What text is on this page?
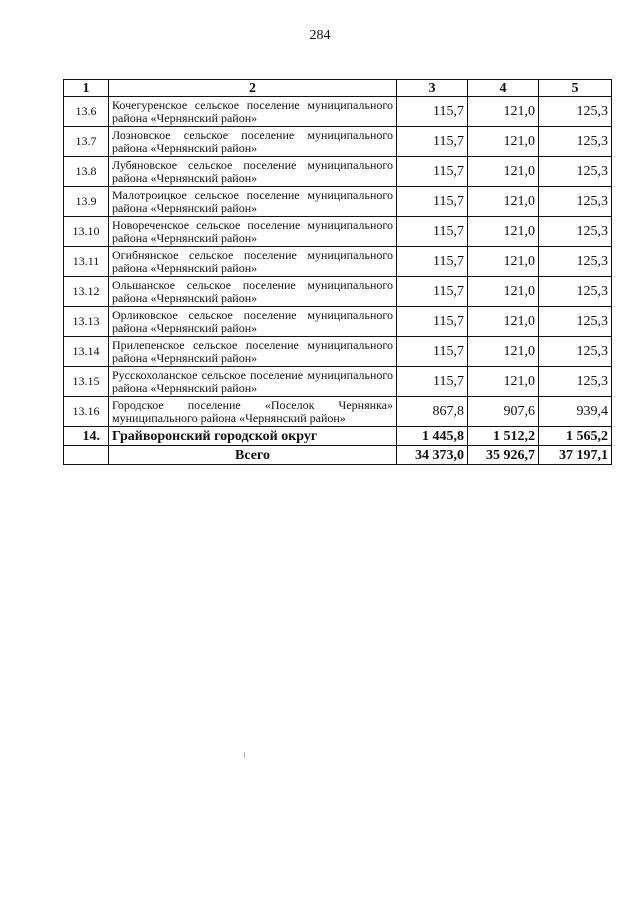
284
1	2	3	4	5
13.6	Кочегуренское сельское поселение муниципального района «Чернянский район»	115,7	121,0	125,3
13.7	Лозновское сельское поселение муниципального района «Чернянский район»	115,7	121,0	125,3
13.8	Лубяновское сельское поселение муниципального района «Чернянский район»	115,7	121,0	125,3
13.9	Малотроицкое сельское поселение муниципального района «Чернянский район»	115,7	121,0	125,3
13.10	Новореченское сельское поселение муниципального района «Чернянский район»	115,7	121,0	125,3
13.11	Огибнянское сельское поселение муниципального района «Чернянский район»	115,7	121,0	125,3
13.12	Ольшанское сельское поселение муниципального района «Чернянский район»	115,7	121,0	125,3
13.13	Орликовское сельское поселение муниципального района «Чернянский район»	115,7	121,0	125,3
13.14	Прилепенское сельское поселение муниципального района «Чернянский район»	115,7	121,0	125,3
13.15	Русскохоланское сельское поселение муниципального района «Чернянский район»	115,7	121,0	125,3
13.16	Городское поселение «Поселок Чернянка» муниципального района «Чернянский район»	867,8	907,6	939,4
14.	Грайворонский городской округ	1 445,8	1 512,2	1 565,2
	Всего	34 373,0	35 926,7	37 197,1
